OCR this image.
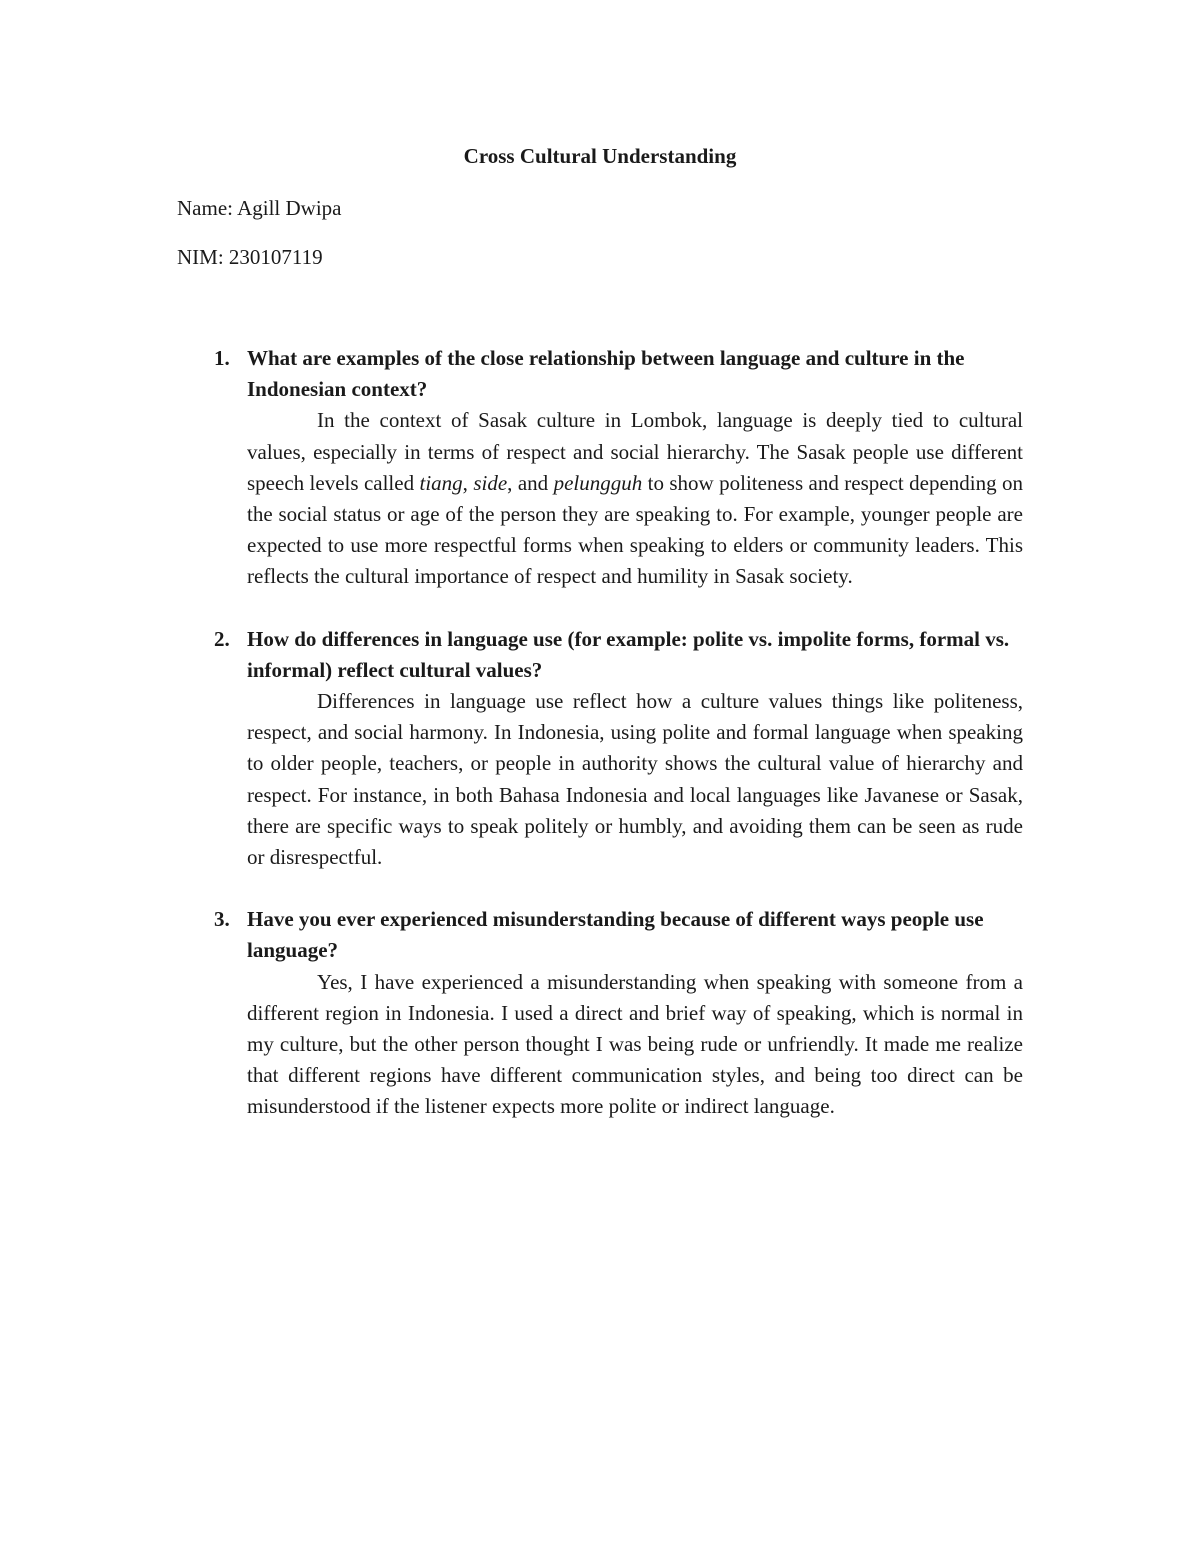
Cross Cultural Understanding

Name: Agill Dwipa

NIM: 230107119

1. What are examples of the close relationship between language and culture in the Indonesian context?

In the context of Sasak culture in Lombok, language is deeply tied to cultural values, especially in terms of respect and social hierarchy. The Sasak people use different speech levels called tiang, side, and pelungguh to show politeness and respect depending on the social status or age of the person they are speaking to. For example, younger people are expected to use more respectful forms when speaking to elders or community leaders. This reflects the cultural importance of respect and humility in Sasak society.

2. How do differences in language use (for example: polite vs. impolite forms, formal vs. informal) reflect cultural values?

Differences in language use reflect how a culture values things like politeness, respect, and social harmony. In Indonesia, using polite and formal language when speaking to older people, teachers, or people in authority shows the cultural value of hierarchy and respect. For instance, in both Bahasa Indonesia and local languages like Javanese or Sasak, there are specific ways to speak politely or humbly, and avoiding them can be seen as rude or disrespectful.

3. Have you ever experienced misunderstanding because of different ways people use language?

Yes, I have experienced a misunderstanding when speaking with someone from a different region in Indonesia. I used a direct and brief way of speaking, which is normal in my culture, but the other person thought I was being rude or unfriendly. It made me realize that different regions have different communication styles, and being too direct can be misunderstood if the listener expects more polite or indirect language.
